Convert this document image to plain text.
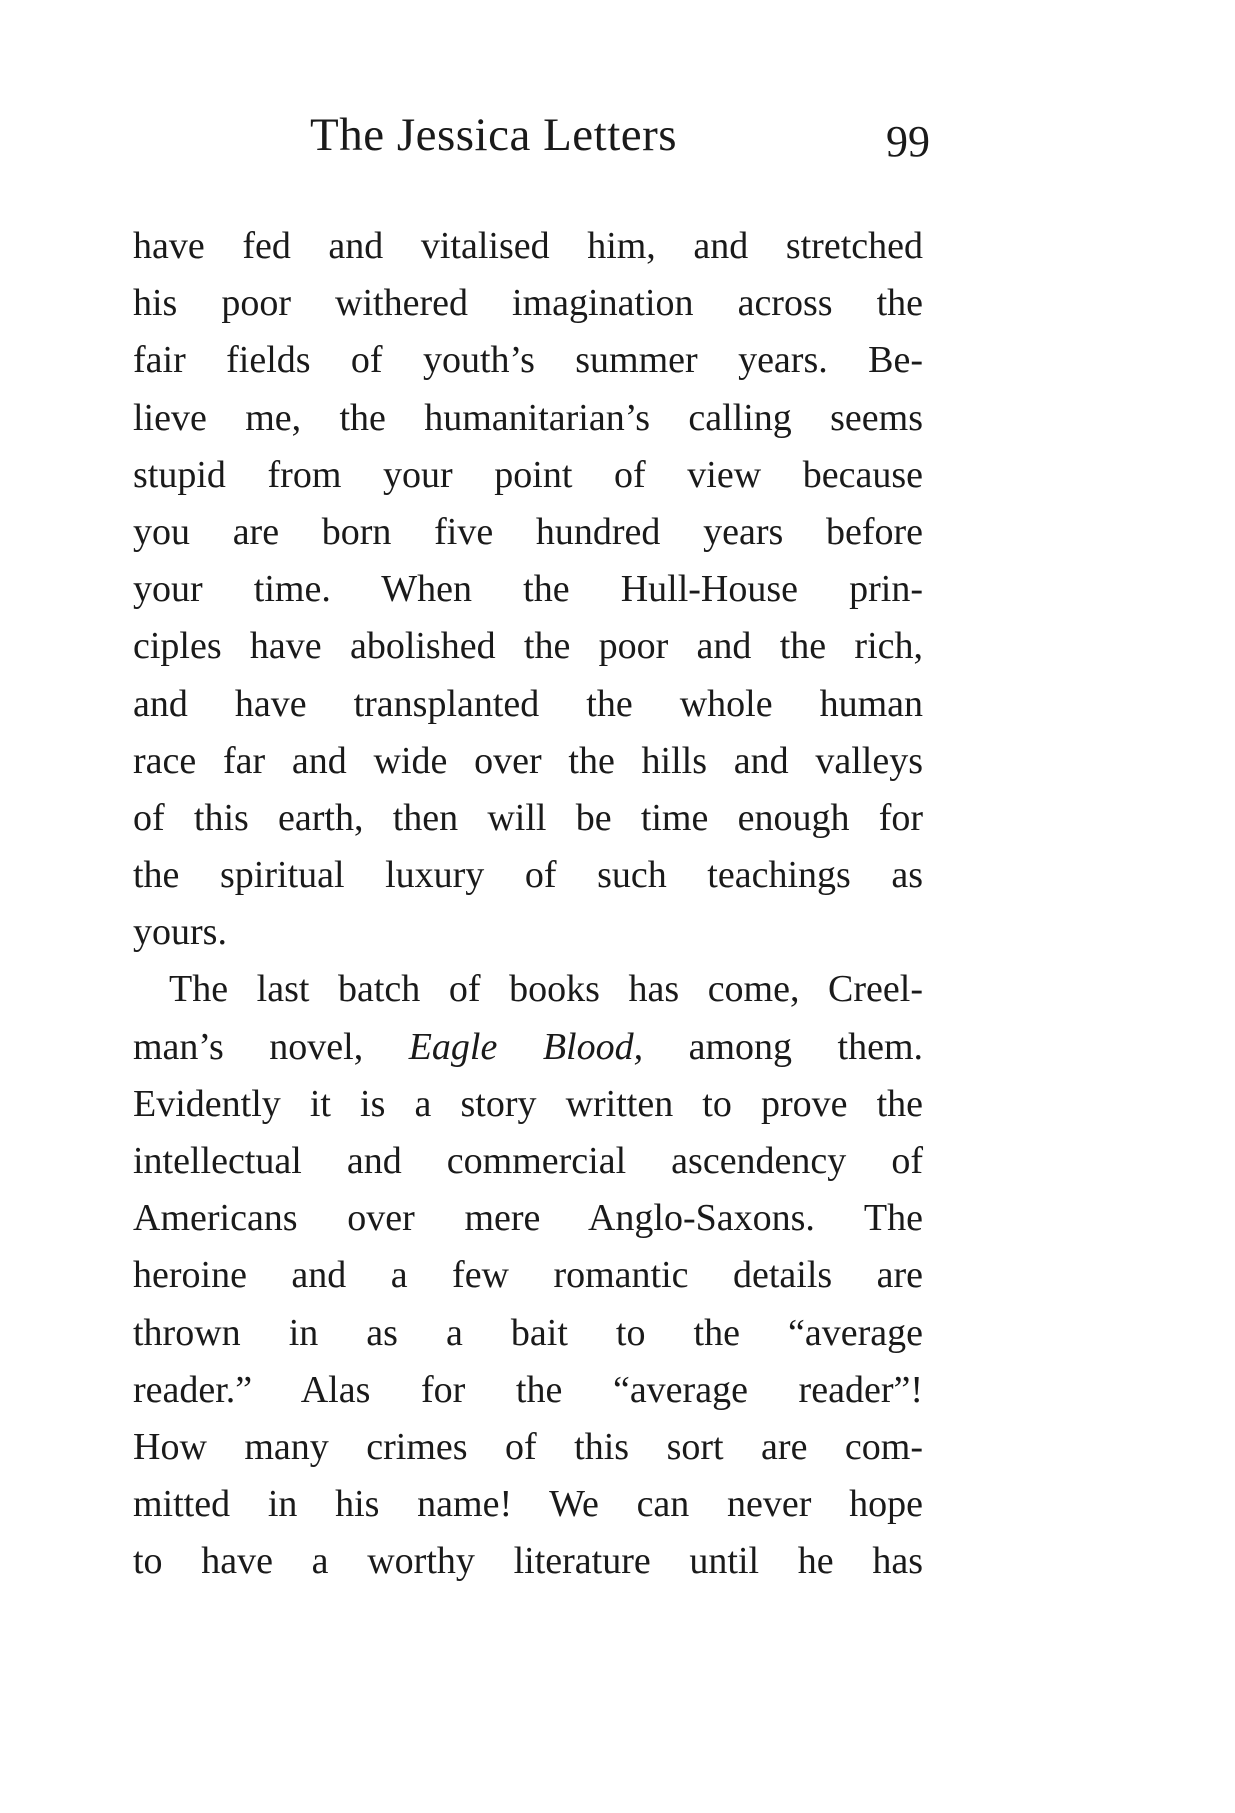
The Jessica Letters	99
have fed and vitalised him, and stretched
his poor withered imagination across the
fair fields of youth’s summer years. Be-
lieve me, the humanitarian’s calling seems
stupid from your point of view because
you are born five hundred years before
your time. When the Hull-House prin-
ciples have abolished the poor and the rich,
and have transplanted the whole human
race far and wide over the hills and valleys
of this earth, then will be time enough for
the spiritual luxury of such teachings as
yours.
The last batch of books has come, Creel-
man’s novel, Eagle Blood, among them.
Evidently it is a story written to prove the
intellectual and commercial ascendency of
Americans over mere Anglo-Saxons. The
heroine and a few romantic details are
thrown in as a bait to the “average
reader.” Alas for the “average reader”!
How many crimes of this sort are com-
mitted in his name! We can never hope
to have a worthy literature until he has
